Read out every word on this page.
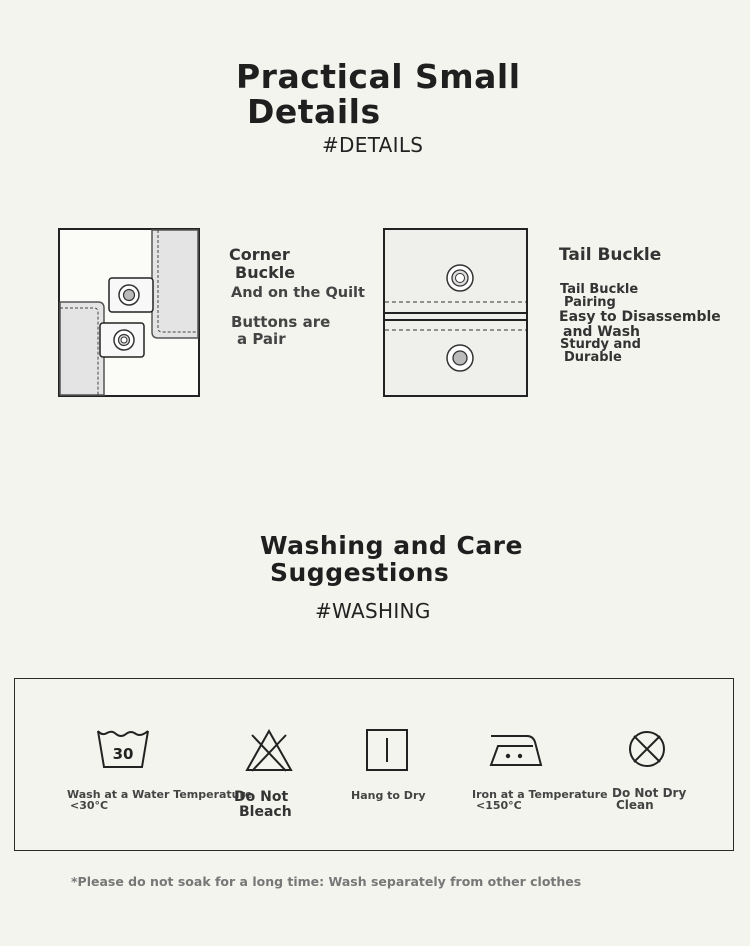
Practical Small
Details
#DETAILS
Corner
Buckle
And on the Quilt
Buttons are
a Pair
Tail Buckle
Tail Buckle
Pairing
Easy to Disassemble
and Wash
Sturdy and
Durable
Washing and Care
Suggestions
#WASHING
30
Wash at a Water Temperature
<30°C
Do Not
Bleach
Hang to Dry	Iron at a Temperature
<150°C
Do Not Dry
Clean
*Please do not soak for a long time: Wash separately from other clothes
